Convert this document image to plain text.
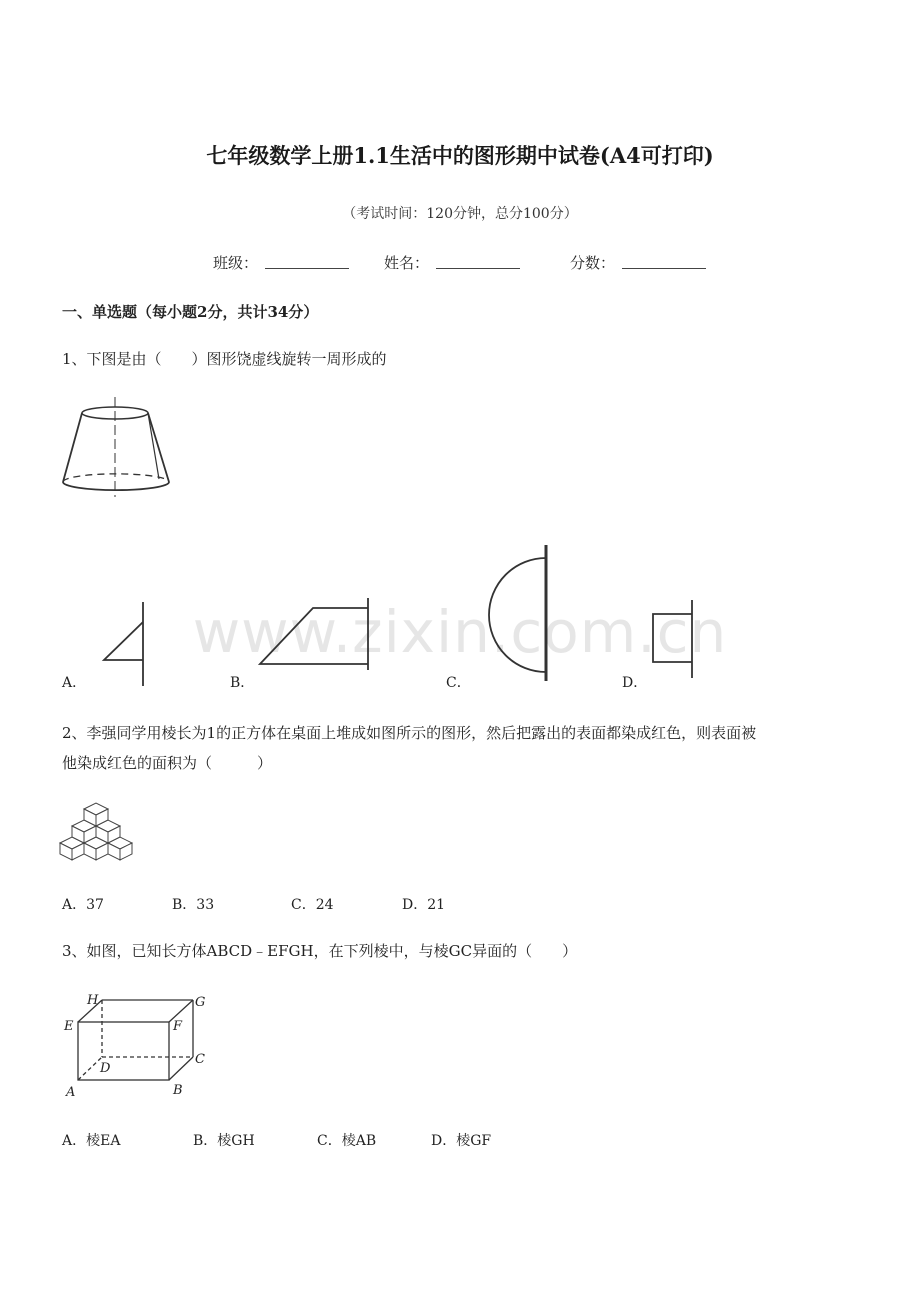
www.zixin.com.cn
七年级数学上册1.1生活中的图形期中试卷(A4可打印)
（考试时间：120分钟，总分100分）
班级：	姓名：	分数：
一、单选题（每小题2分，共计34分）
1、下图是由（　　）图形饶虚线旋转一周形成的
A．	B．	C．	D．
2、李强同学用棱长为1的正方体在桌面上堆成如图所示的图形，然后把露出的表面都染成红色，则表面被
他染成红色的面积为（　　　）
A．37	B．33	C．24	D．21
3、如图，已知长方体ABCD﹣EFGH，在下列棱中，与棱GC异面的（　　）
H	G
E	F
C
D
A	B
A．棱EA	B．棱GH	C．棱AB	D．棱GF
